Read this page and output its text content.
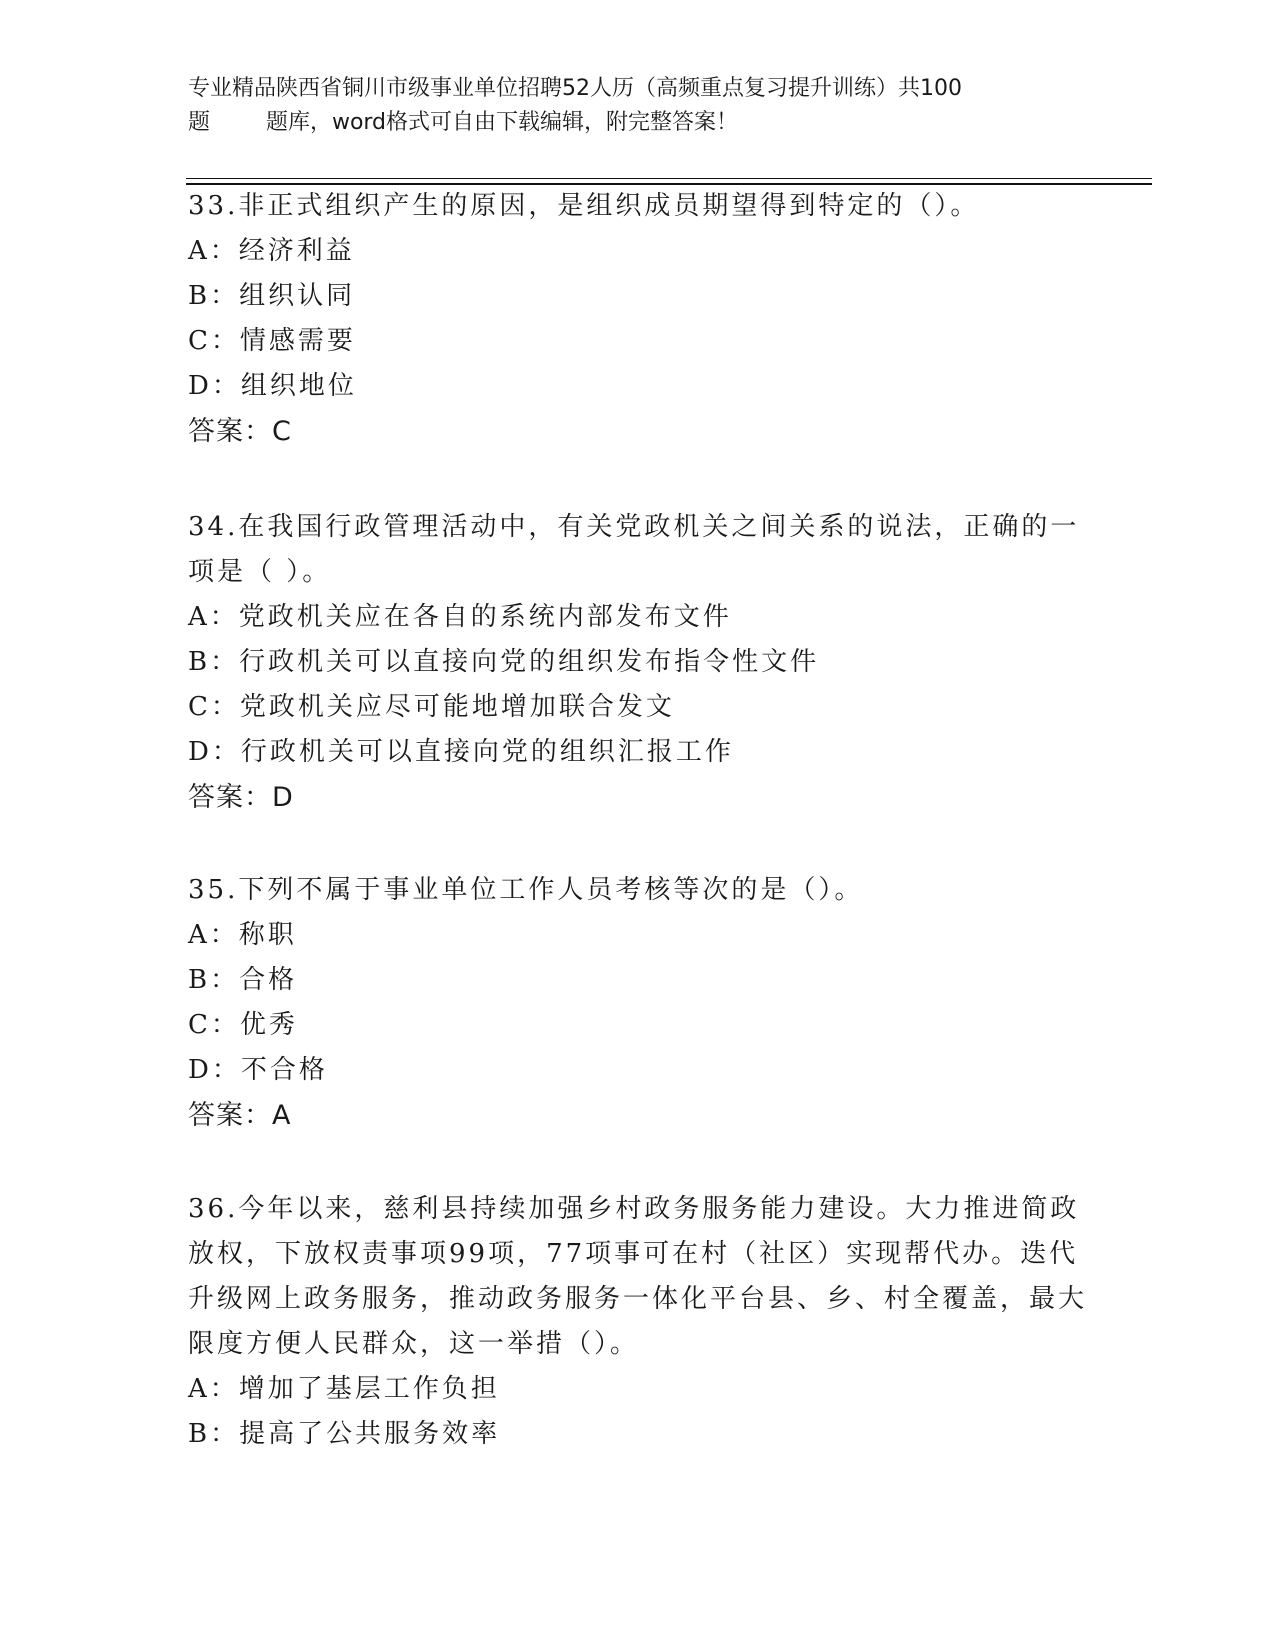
专业精品陕西省铜川市级事业单位招聘52人历（高频重点复习提升训练）共100

题        题库，word格式可自由下载编辑，附完整答案！

33.非正式组织产生的原因，是组织成员期望得到特定的（）。

A：经济利益

B：组织认同

C：情感需要

D：组织地位

答案：C

34.在我国行政管理活动中，有关党政机关之间关系的说法，正确的一项是（ ）。

A：党政机关应在各自的系统内部发布文件

B：行政机关可以直接向党的组织发布指令性文件

C：党政机关应尽可能地增加联合发文

D：行政机关可以直接向党的组织汇报工作

答案：D

35.下列不属于事业单位工作人员考核等次的是（）。

A：称职

B：合格

C：优秀

D：不合格

答案：A

36.今年以来，慈利县持续加强乡村政务服务能力建设。大力推进简政放权，下放权责事项99项，77项事可在村（社区）实现帮代办。迭代升级网上政务服务，推动政务服务一体化平台县、乡、村全覆盖，最大限度方便人民群众，这一举措（）。

A：增加了基层工作负担

B：提高了公共服务效率
